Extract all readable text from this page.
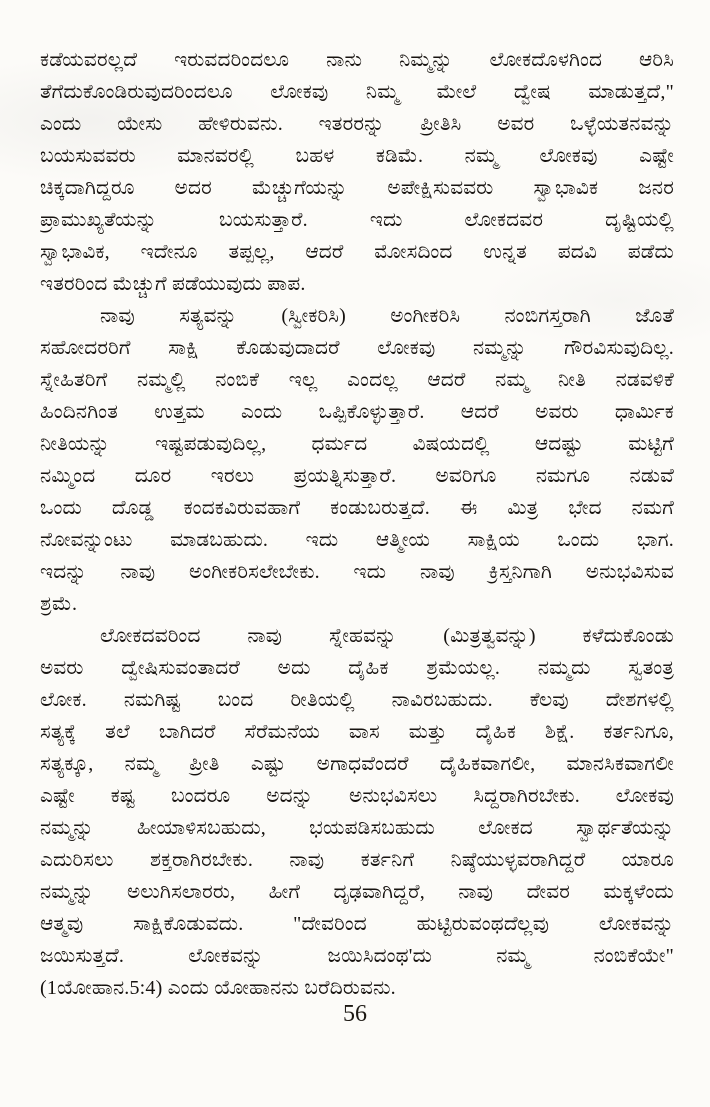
ಕಡೆಯವರಲ್ಲದೆ ಇರುವದರಿಂದಲೂ ನಾನು ನಿಮ್ಮನ್ನು ಲೋಕದೊಳಗಿಂದ ಆರಿಸಿ
ತೆಗೆದುಕೊಂಡಿರುವುದರಿಂದಲೂ ಲೋಕವು ನಿಮ್ಮ ಮೇಲೆ ದ್ವೇಷ ಮಾಡುತ್ತದೆ,"
ಎಂದು ಯೇಸು ಹೇಳಿರುವನು. ಇತರರನ್ನು ಪ್ರೀತಿಸಿ ಅವರ ಒಳ್ಳೆಯತನವನ್ನು
ಬಯಸುವವರು ಮಾನವರಲ್ಲಿ ಬಹಳ ಕಡಿಮೆ. ನಮ್ಮ ಲೋಕವು ಎಷ್ಟೇ
ಚಿಕ್ಕದಾಗಿದ್ದರೂ ಅದರ ಮೆಚ್ಚುಗೆಯನ್ನು ಅಪೇಕ್ಷಿಸುವವರು ಸ್ವಾಭಾವಿಕ ಜನರ
ಪ್ರಾಮುಖ್ಯತೆಯನ್ನು ಬಯಸುತ್ತಾರೆ. ಇದು ಲೋಕದವರ ದೃಷ್ಟಿಯಲ್ಲಿ
ಸ್ವಾಭಾವಿಕ, ಇದೇನೂ ತಪ್ಪಲ್ಲ, ಆದರೆ ಮೋಸದಿಂದ ಉನ್ನತ ಪದವಿ ಪಡೆದು
ಇತರರಿಂದ ಮೆಚ್ಚುಗೆ ಪಡೆಯುವುದು ಪಾಪ.
ನಾವು ಸತ್ಯವನ್ನು (ಸ್ವೀಕರಿಸಿ) ಅಂಗೀಕರಿಸಿ ನಂಬಿಗಸ್ತರಾಗಿ ಜೊತೆ
ಸಹೋದರರಿಗೆ ಸಾಕ್ಷಿ ಕೊಡುವುದಾದರೆ ಲೋಕವು ನಮ್ಮನ್ನು ಗೌರವಿಸುವುದಿಲ್ಲ.
ಸ್ನೇಹಿತರಿಗೆ ನಮ್ಮಲ್ಲಿ ನಂಬಿಕೆ ಇಲ್ಲ ಎಂದಲ್ಲ ಆದರೆ ನಮ್ಮ ನೀತಿ ನಡವಳಿಕೆ
ಹಿಂದಿನಗಿಂತ ಉತ್ತಮ ಎಂದು ಒಪ್ಪಿಕೊಳ್ಳುತ್ತಾರೆ. ಆದರೆ ಅವರು ಧಾರ್ಮಿಕ
ನೀತಿಯನ್ನು ಇಷ್ಟಪಡುವುದಿಲ್ಲ, ಧರ್ಮದ ವಿಷಯದಲ್ಲಿ ಆದಷ್ಟು ಮಟ್ಟಿಗೆ
ನಮ್ಮಿಂದ ದೂರ ಇರಲು ಪ್ರಯತ್ನಿಸುತ್ತಾರೆ. ಅವರಿಗೂ ನಮಗೂ ನಡುವೆ
ಒಂದು ದೊಡ್ಡ ಕಂದಕವಿರುವಹಾಗೆ ಕಂಡುಬರುತ್ತದೆ. ಈ ಮಿತ್ರ ಭೇದ ನಮಗೆ
ನೋವನ್ನುಂಟು ಮಾಡಬಹುದು. ಇದು ಆತ್ಮೀಯ ಸಾಕ್ಷಿಯ ಒಂದು ಭಾಗ.
ಇದನ್ನು ನಾವು ಅಂಗೀಕರಿಸಲೇಬೇಕು. ಇದು ನಾವು ಕ್ರಿಸ್ತನಿಗಾಗಿ ಅನುಭವಿಸುವ
ಶ್ರಮೆ.
ಲೋಕದವರಿಂದ ನಾವು ಸ್ನೇಹವನ್ನು (ಮಿತ್ರತ್ವವನ್ನು) ಕಳೆದುಕೊಂಡು
ಅವರು ದ್ವೇಷಿಸುವಂತಾದರೆ ಅದು ದೈಹಿಕ ಶ್ರಮೆಯಲ್ಲ. ನಮ್ಮದು ಸ್ವತಂತ್ರ
ಲೋಕ. ನಮಗಿಷ್ಟ ಬಂದ ರೀತಿಯಲ್ಲಿ ನಾವಿರಬಹುದು. ಕೆಲವು ದೇಶಗಳಲ್ಲಿ
ಸತ್ಯಕ್ಕೆ ತಲೆ ಬಾಗಿದರೆ ಸೆರೆಮನೆಯ ವಾಸ ಮತ್ತು ದೈಹಿಕ ಶಿಕ್ಷೆ. ಕರ್ತನಿಗೂ,
ಸತ್ಯಕ್ಕೂ, ನಮ್ಮ ಪ್ರೀತಿ ಎಷ್ಟು ಅಗಾಧವೆಂದರೆ ದೈಹಿಕವಾಗಲೀ, ಮಾನಸಿಕವಾಗಲೀ
ಎಷ್ಟೇ ಕಷ್ಟ ಬಂದರೂ ಅದನ್ನು ಅನುಭವಿಸಲು ಸಿದ್ದರಾಗಿರಬೇಕು. ಲೋಕವು
ನಮ್ಮನ್ನು ಹೀಯಾಳಿಸಬಹುದು, ಭಯಪಡಿಸಬಹುದು ಲೋಕದ ಸ್ವಾರ್ಥತೆಯನ್ನು
ಎದುರಿಸಲು ಶಕ್ತರಾಗಿರಬೇಕು. ನಾವು ಕರ್ತನಿಗೆ ನಿಷ್ಠೆಯುಳ್ಳವರಾಗಿದ್ದರೆ ಯಾರೂ
ನಮ್ಮನ್ನು ಅಲುಗಿಸಲಾರರು, ಹೀಗೆ ದೃಢವಾಗಿದ್ದರೆ, ನಾವು ದೇವರ ಮಕ್ಕಳೆಂದು
ಆತ್ಮವು ಸಾಕ್ಷಿಕೊಡುವದು. "ದೇವರಿಂದ ಹುಟ್ಟಿರುವಂಥದೆಲ್ಲವು ಲೋಕವನ್ನು
ಜಯಿಸುತ್ತದೆ. ಲೋಕವನ್ನು ಜಯಿಸಿದಂಥ'ದು ನಮ್ಮ ನಂಬಿಕೆಯೇ"
(1ಯೋಹಾನ.5:4) ಎಂದು ಯೋಹಾನನು ಬರೆದಿರುವನು.
56
